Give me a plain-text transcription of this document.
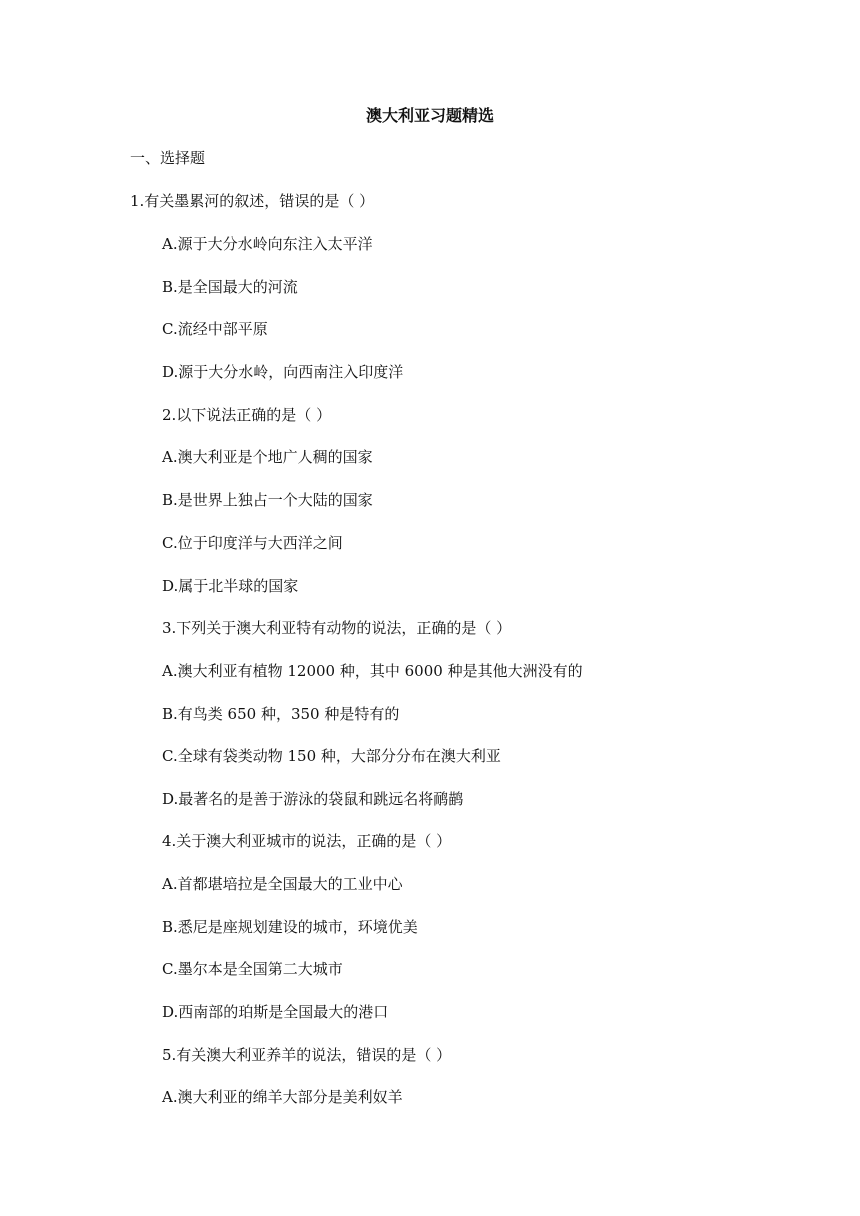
澳大利亚习题精选
一、选择题
1.有关墨累河的叙述，错误的是（ ）
A.源于大分水岭向东注入太平洋
B.是全国最大的河流
C.流经中部平原
D.源于大分水岭，向西南注入印度洋
2.以下说法正确的是（ ）
A.澳大利亚是个地广人稠的国家
B.是世界上独占一个大陆的国家
C.位于印度洋与大西洋之间
D.属于北半球的国家
3.下列关于澳大利亚特有动物的说法，正确的是（ ）
A.澳大利亚有植物 12000 种，其中 6000 种是其他大洲没有的
B.有鸟类 650 种，350 种是特有的
C.全球有袋类动物 150 种，大部分分布在澳大利亚
D.最著名的是善于游泳的袋鼠和跳远名将鸸鹋
4.关于澳大利亚城市的说法，正确的是（ ）
A.首都堪培拉是全国最大的工业中心
B.悉尼是座规划建设的城市，环境优美
C.墨尔本是全国第二大城市
D.西南部的珀斯是全国最大的港口
5.有关澳大利亚养羊的说法，错误的是（ ）
A.澳大利亚的绵羊大部分是美利奴羊
